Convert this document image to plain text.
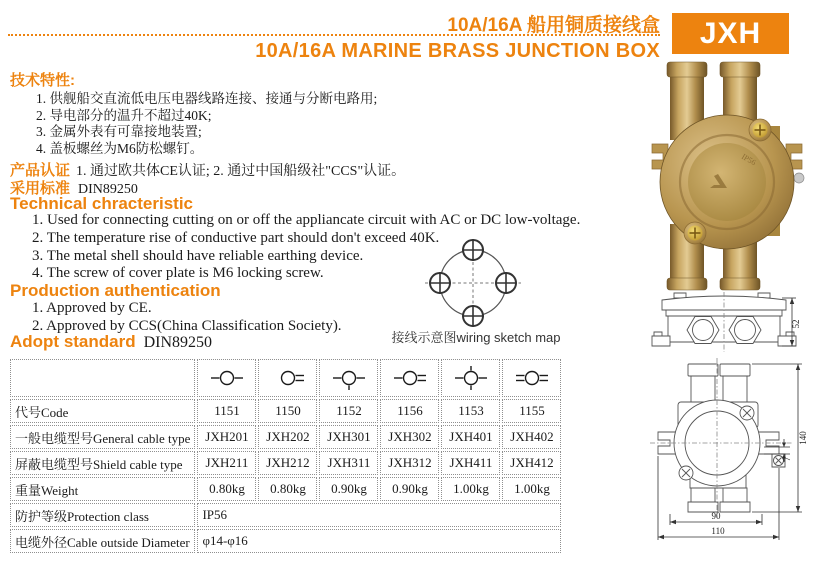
10A/16A 船用铜质接线盒
10A/16A MARINE BRASS JUNCTION BOX
JXH
技术特性:
1. 供舰船交直流低电压电器线路连接、接通与分断电路用;
2. 导电部分的温升不超过40K;
3. 金属外表有可靠接地装置;
4. 盖板螺丝为M6防松螺钉。
产品认证 1. 通过欧共体CE认证; 2. 通过中国船级社"CCS"认证。
采用标准 DIN89250
Technical chracteristic
1. Used for connecting cutting on or off the appliancate circuit with AC or DC low-voltage.
2. The temperature rise of conductive part should don't exceed 40K.
3. The metal shell should have reliable earthing device.
4. The screw of cover plate is M6 locking screw.
Production authentication
1. Approved by CE.
2. Approved by CCS(China Classification Society).
Adopt standard DIN89250	接线示意图wiring sketch map

代号Code	1151	1150	1152	1156	1153	1155
一般电缆型号General cable type	JXH201	JXH202	JXH301	JXH302	JXH401	JXH402
屏蔽电缆型号Shield cable type	JXH211	JXH212	JXH311	JXH312	JXH411	JXH412
重量Weight	0.80kg	0.80kg	0.90kg	0.90kg	1.00kg	1.00kg
防护等级Protection class	IP56					
电缆外径Cable outside Diameter	φ14-φ16					
IP56
52
140
7
90
110
